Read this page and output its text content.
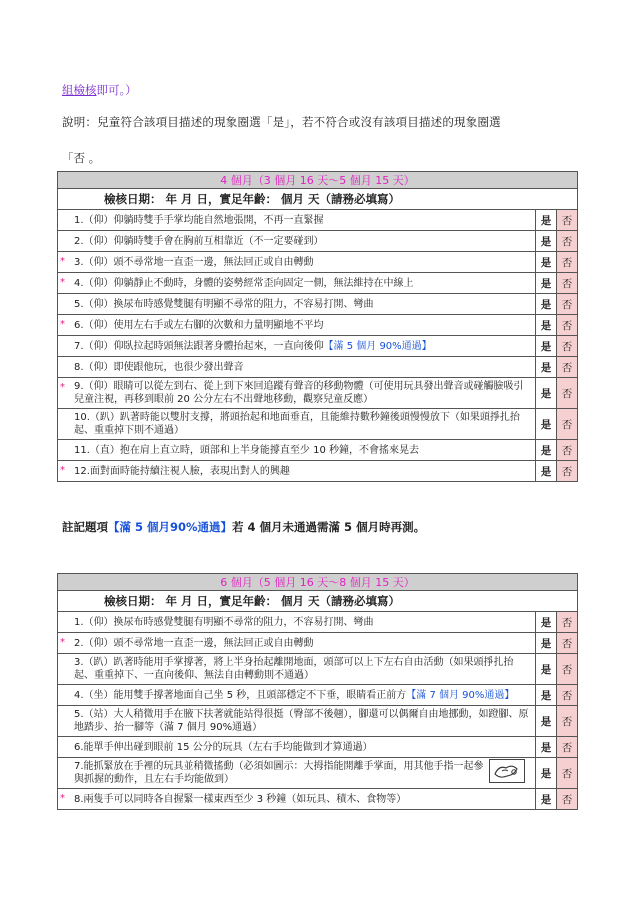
組檢核即可。）
說明：兒童符合該項目描述的現象圈選「是」，若不符合或沒有該項目描述的現象圈選
「否 。
4 個月（3 個月 16 天～5 個月 15 天）		
檢核日期： 年 月 日，實足年齡： 個月 天（請務必填寫）		
1.（仰）仰躺時雙手手掌均能自然地張開，不再一直緊握	是	否
2.（仰）仰躺時雙手會在胸前互相靠近（不一定要碰到）	是	否

* 3.（仰）頭不尋常地一直歪一邊，無法回正或自由轉動	是	否

* 4.（仰）仰躺靜止不動時，身體的姿勢經常歪向固定一側，無法維持在中線上	是	否
5.（仰）換尿布時感覺雙腿有明顯不尋常的阻力，不容易打開、彎曲	是	否

* 6.（仰）使用左右手或左右腳的次數和力量明顯地不平均	是	否
7.（仰）仰臥拉起時頭無法跟著身體抬起來，一直向後仰【滿 5 個月 90%通過】	是	否
8.（仰）即使跟他玩，也很少發出聲音	是	否

* 9.（仰）眼睛可以從左到右、從上到下來回追蹤有聲音的移動物體（可使用玩具發出聲音或碰觸臉吸引兒童注視，再移到眼前 20 公分左右不出聲地移動，觀察兒童反應）	是	否
10.（趴）趴著時能以雙肘支撐，將頭抬起和地面垂直，且能維持數秒鐘後頭慢慢放下（如果頭掙扎抬起、重重掉下則不通過）	是	否
11.（直）抱在肩上直立時，頭部和上半身能撐直至少 10 秒鐘，不會搖來晃去	是	否

* 12.面對面時能持續注視人臉，表現出對人的興趣	是	否
註記題項【滿 5 個月90%通過】若 4 個月未通過需滿 5 個月時再測。
6 個月（5 個月 16 天～8 個月 15 天）		
檢核日期： 年 月 日，實足年齡： 個月 天（請務必填寫）		
1.（仰）換尿布時感覺雙腿有明顯不尋常的阻力，不容易打開、彎曲	是	否

* 2.（仰）頭不尋常地一直歪一邊，無法回正或自由轉動	是	否
3.（趴）趴著時能用手掌撐著，將上半身抬起離開地面，頭部可以上下左右自由活動（如果頭掙扎抬起、重重掉下、一直向後仰、無法自由轉動則不通過）	是	否
4.（坐）能用雙手撐著地面自己坐 5 秒，且頭部穩定不下垂，眼睛看正前方【滿 7 個月 90%通過】	是	否
5.（站）大人稍微用手在腋下扶著就能站得很挺（臀部不後翹），腳還可以偶爾自由地挪動，如蹬腳、原地踏步、抬一腳等（滿 7 個月 90%通過）	是	否
6.能單手伸出碰到眼前 15 公分的玩具（左右手均能做到才算通過）	是	否
7.能抓緊放在手裡的玩具並稍微搖動（必須如圖示：大拇指能開離手掌面，用其他手指一起參與抓握的動作，且左右手均能做到）	是	否

* 8.兩隻手可以同時各自握緊一樣東西至少 3 秒鐘（如玩具、積木、食物等）	是	否
